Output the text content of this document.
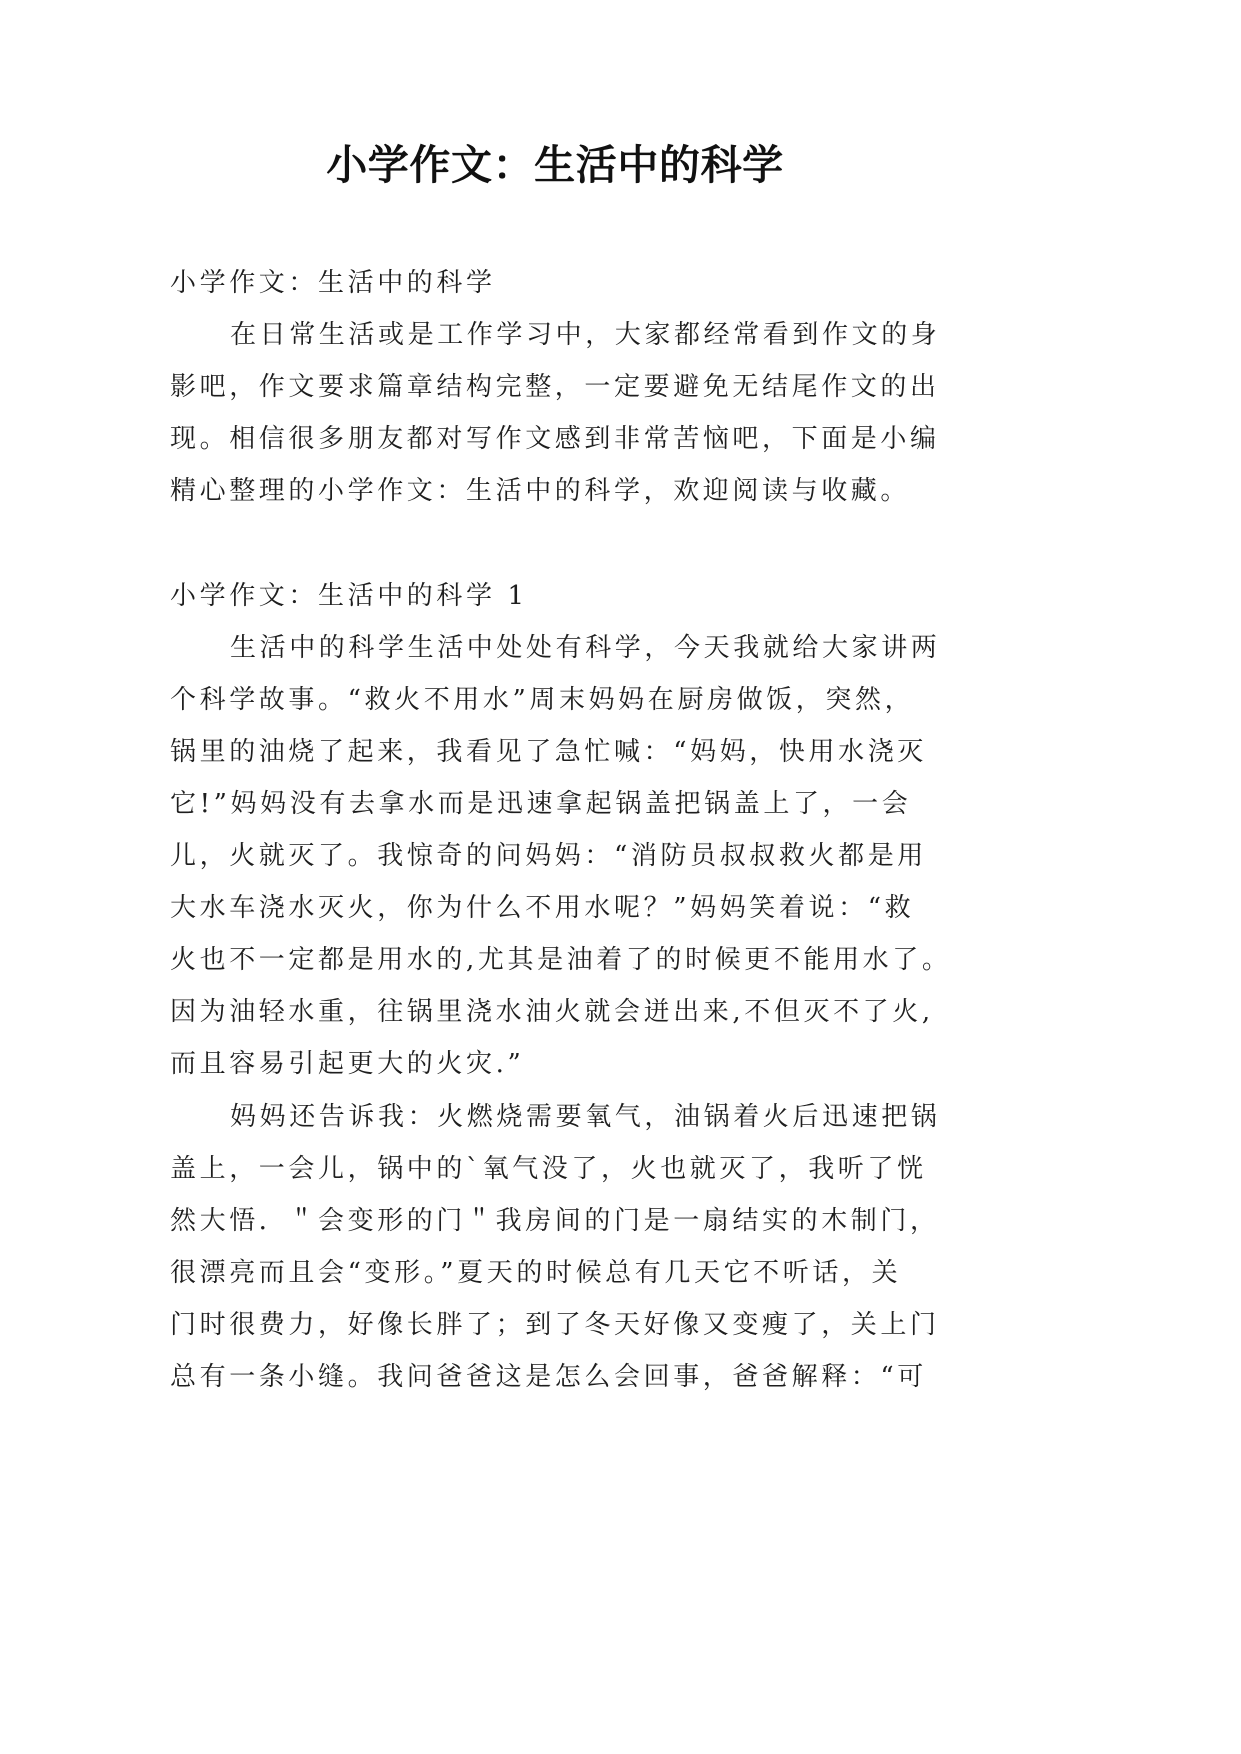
小学作文：生活中的科学
小学作文：生活中的科学
在日常生活或是工作学习中，大家都经常看到作文的身
影吧，作文要求篇章结构完整，一定要避免无结尾作文的出
现。相信很多朋友都对写作文感到非常苦恼吧，下面是小编
精心整理的小学作文：生活中的科学，欢迎阅读与收藏。
小学作文：生活中的科学 1
生活中的科学生活中处处有科学，今天我就给大家讲两
个科学故事。“救火不用水”周末妈妈在厨房做饭，突然，
锅里的油烧了起来，我看见了急忙喊：“妈妈，快用水浇灭
它!”妈妈没有去拿水而是迅速拿起锅盖把锅盖上了，一会
儿，火就灭了。我惊奇的问妈妈：“消防员叔叔救火都是用
大水车浇水灭火，你为什么不用水呢？”妈妈笑着说：“救
火也不一定都是用水的,尤其是油着了的时候更不能用水了。
因为油轻水重，往锅里浇水油火就会迸出来,不但灭不了火,
而且容易引起更大的火灾.”
妈妈还告诉我：火燃烧需要氧气，油锅着火后迅速把锅
盖上，一会儿，锅中的`氧气没了，火也就灭了，我听了恍
然大悟．＂会变形的门＂我房间的门是一扇结实的木制门，
很漂亮而且会“变形。”夏天的时候总有几天它不听话，关
门时很费力，好像长胖了；到了冬天好像又变瘦了，关上门
总有一条小缝。我问爸爸这是怎么会回事，爸爸解释：“可
